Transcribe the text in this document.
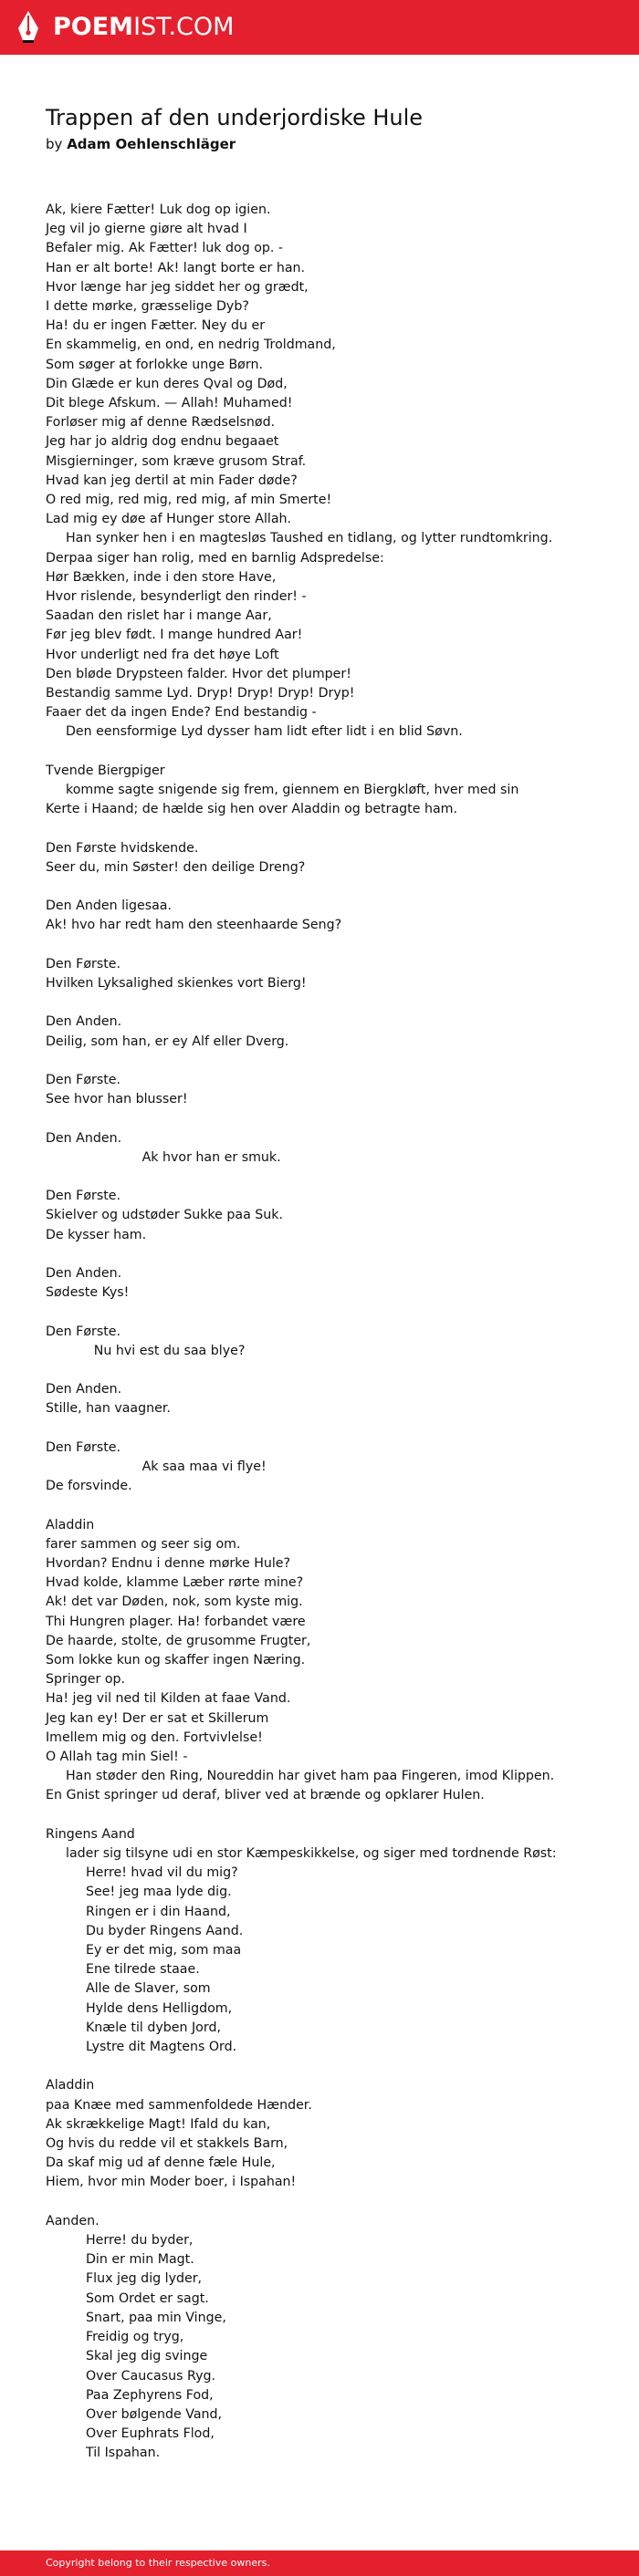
POEMIST.COM
Trappen af den underjordiske Hule
by Adam Oehlenschläger
Ak, kiere Fætter! Luk dog op igien.
Jeg vil jo gierne giøre alt hvad I
Befaler mig. Ak Fætter! luk dog op. -
Han er alt borte! Ak! langt borte er han.
Hvor længe har jeg siddet her og grædt,
I dette mørke, græsselige Dyb?
Ha! du er ingen Fætter. Ney du er
En skammelig, en ond, en nedrig Troldmand,
Som søger at forlokke unge Børn.
Din Glæde er kun deres Qval og Død,
Dit blege Afskum. — Allah! Muhamed!
Forløser mig af denne Rædselsnød.
Jeg har jo aldrig dog endnu begaaet
Misgierninger, som kræve grusom Straf.
Hvad kan jeg dertil at min Fader døde?
O red mig, red mig, red mig, af min Smerte!
Lad mig ey døe af Hunger store Allah.
Han synker hen i en magtesløs Taushed en tidlang, og lytter rundtomkring. Derpaa siger han rolig, med en barnlig Adspredelse:
Hør Bækken, inde i den store Have,
Hvor rislende, besynderligt den rinder! -
Saadan den rislet har i mange Aar,
Før jeg blev født. I mange hundred Aar!
Hvor underligt ned fra det høye Loft
Den bløde Drypsteen falder. Hvor det plumper!
Bestandig samme Lyd. Dryp! Dryp! Dryp! Dryp!
Faaer det da ingen Ende? End bestandig -
Den eensformige Lyd dysser ham lidt efter lidt i en blid Søvn.
Tvende Biergpiger
komme sagte snigende sig frem, giennem en Biergkløft, hver med sin Kerte i Haand; de hælde sig hen over Aladdin og betragte ham.
Den Første hvidskende.
Seer du, min Søster! den deilige Dreng?
Den Anden ligesaa.
Ak! hvo har redt ham den steenhaarde Seng?
Den Første.
Hvilken Lyksalighed skienkes vort Bierg!
Den Anden.
Deilig, som han, er ey Alf eller Dverg.
Den Første.
See hvor han blusser!
Den Anden.
Ak hvor han er smuk.
Den Første.
Skielver og udstøder Sukke paa Suk.
De kysser ham.
Den Anden.
Sødeste Kys!
Den Første.
Nu hvi est du saa blye?
Den Anden.
Stille, han vaagner.
Den Første.
Ak saa maa vi flye!
De forsvinde.
Aladdin
farer sammen og seer sig om.
Hvordan? Endnu i denne mørke Hule?
Hvad kolde, klamme Læber rørte mine?
Ak! det var Døden, nok, som kyste mig.
Thi Hungren plager. Ha! forbandet være
De haarde, stolte, de grusomme Frugter,
Som lokke kun og skaffer ingen Næring.
Springer op.
Ha! jeg vil ned til Kilden at faae Vand.
Jeg kan ey! Der er sat et Skillerum
Imellem mig og den. Fortvivlelse!
O Allah tag min Siel! -
Han støder den Ring, Noureddin har givet ham paa Fingeren, imod Klippen. En Gnist springer ud deraf, bliver ved at brænde og opklarer Hulen.
Ringens Aand
lader sig tilsyne udi en stor Kæmpeskikkelse, og siger med tordnende Røst:
Herre! hvad vil du mig?
See! jeg maa lyde dig.
Ringen er i din Haand,
Du byder Ringens Aand.
Ey er det mig, som maa
Ene tilrede staae.
Alle de Slaver, som
Hylde dens Helligdom,
Knæle til dyben Jord,
Lystre dit Magtens Ord.
Aladdin
paa Knæe med sammenfoldede Hænder.
Ak skrækkelige Magt! Ifald du kan,
Og hvis du redde vil et stakkels Barn,
Da skaf mig ud af denne fæle Hule,
Hiem, hvor min Moder boer, i Ispahan!
Aanden.
Herre! du byder,
Din er min Magt.
Flux jeg dig lyder,
Som Ordet er sagt.
Snart, paa min Vinge,
Freidig og tryg,
Skal jeg dig svinge
Over Caucasus Ryg.
Paa Zephyrens Fod,
Over bølgende Vand,
Over Euphrats Flod,
Til Ispahan.
Copyright belong to their respective owners.
